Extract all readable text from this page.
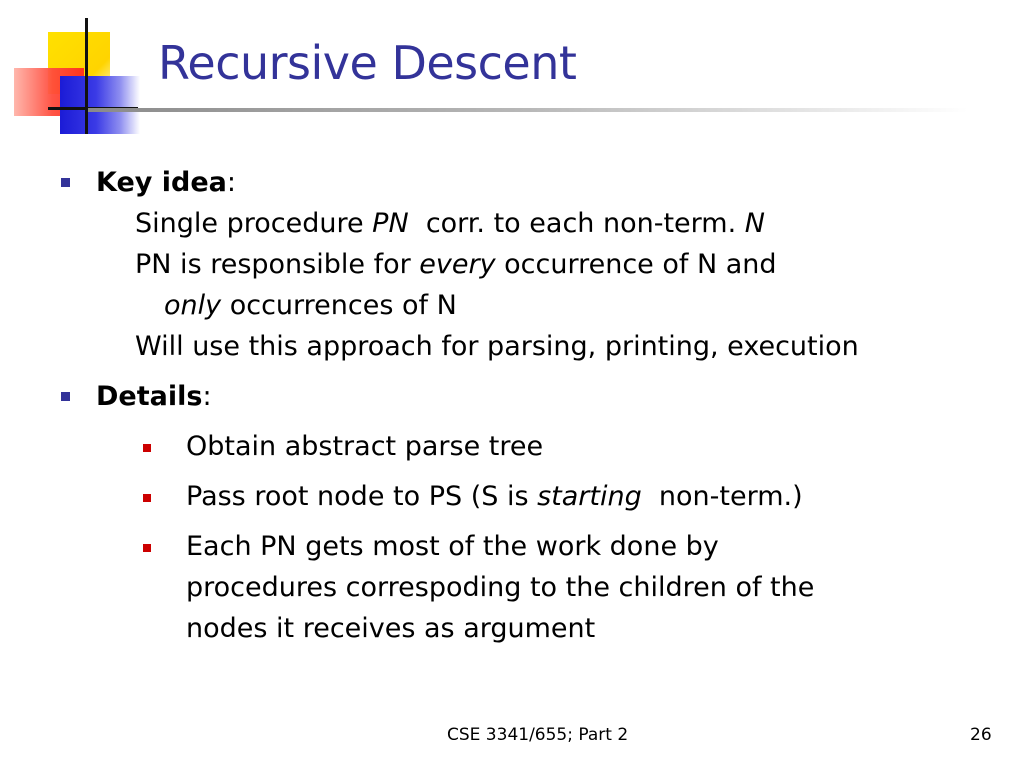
Recursive Descent
Key idea:
Single procedure PN  corr. to each non-term. N
PN is responsible for every occurrence of N and
only occurrences of N
Will use this approach for parsing, printing, execution
Details:
Obtain abstract parse tree
Pass root node to PS (S is starting  non-term.)
Each PN gets most of the work done by
procedures correspoding to the children of the
nodes it receives as argument
CSE 3341/655; Part 2	26
